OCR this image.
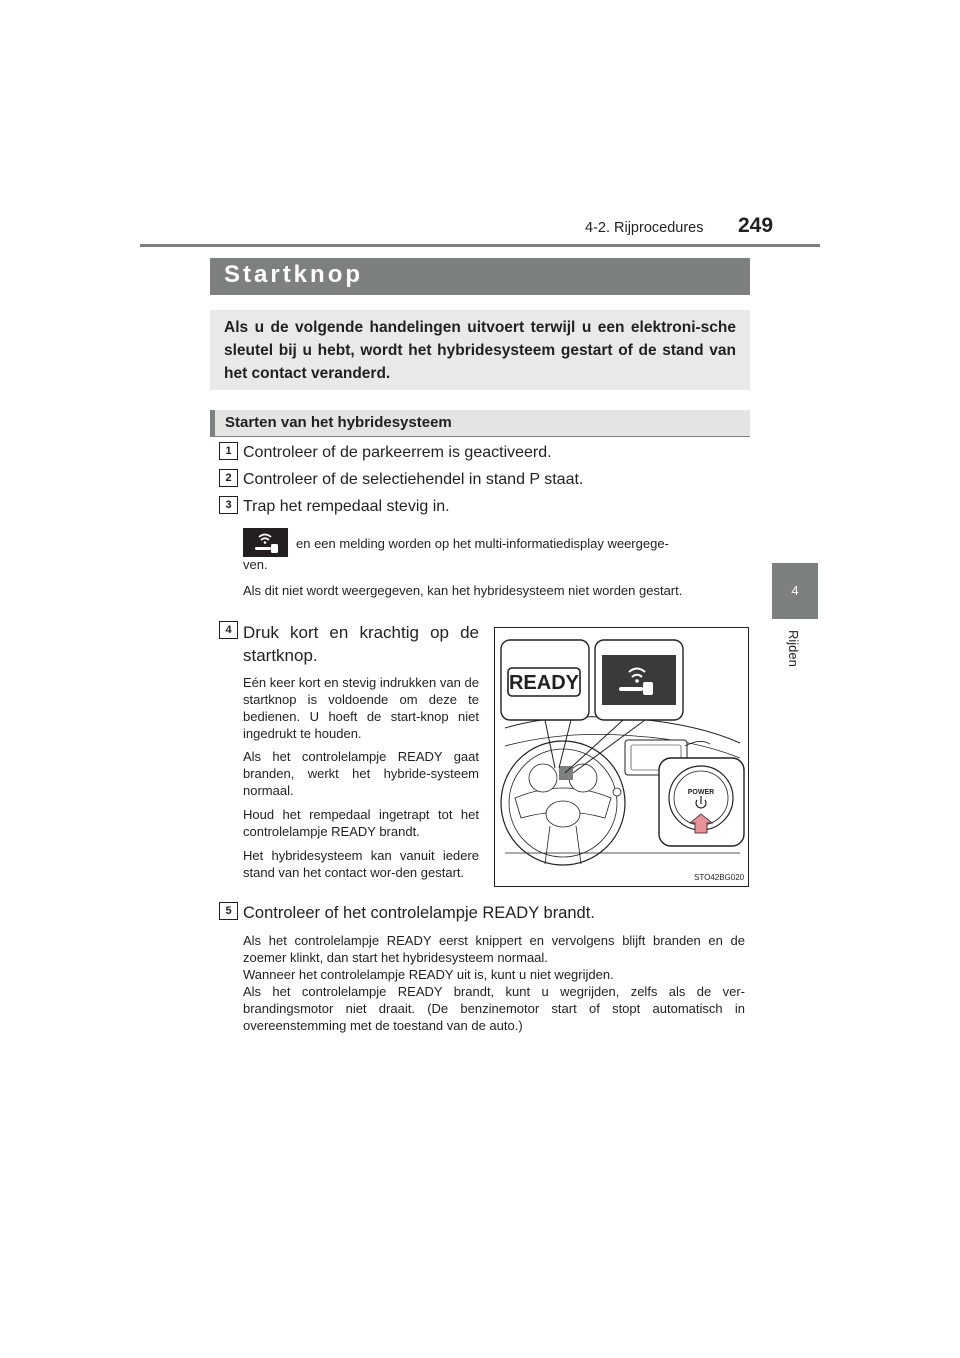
4-2. Rijprocedures 249
4
Rijden
Startknop

Als u de volgende handelingen uitvoert terwijl u een elektroni-sche sleutel bij u hebt, wordt het hybridesysteem gestart of de stand van het contact veranderd.

Starten van het hybridesysteem
1 Controleer of de parkeerrem is geactiveerd.
2 Controleer of de selectiehendel in stand P staat.
3 Trap het rempedaal stevig in.
en een melding worden op het multi-informatiedisplay weergege-
ven.
Als dit niet wordt weergegeven, kan het hybridesysteem niet worden gestart.
4 Druk kort en krachtig op de
startknop.
Eén keer kort en stevig indrukken van de startknop is voldoende om deze te bedienen. U hoeft de start-knop niet ingedrukt te houden.
Als het controlelampje READY gaat branden, werkt het hybride-systeem normaal.
Houd het rempedaal ingetrapt tot het controlelampje READY brandt.
Het hybridesysteem kan vanuit iedere stand van het contact wor-den gestart.
READY
POWER
STO42BG020
5 Controleer of het controlelampje READY brandt.
Als het controlelampje READY eerst knippert en vervolgens blijft branden en de zoemer klinkt, dan start het hybridesysteem normaal.
Wanneer het controlelampje READY uit is, kunt u niet wegrijden.
Als het controlelampje READY brandt, kunt u wegrijden, zelfs als de ver-brandingsmotor niet draait. (De benzinemotor start of stopt automatisch in overeenstemming met de toestand van de auto.)
